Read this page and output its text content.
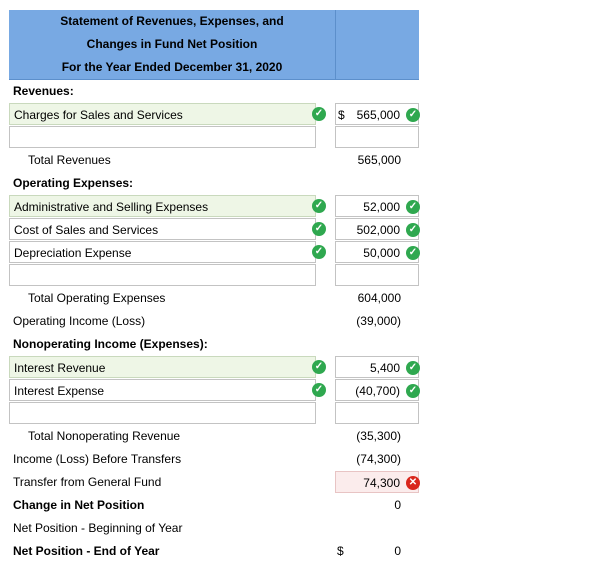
Statement of Revenues, Expenses, and
Changes in Fund Net Position
For the Year Ended December 31, 2020
Revenues:
Charges for Sales and Services	✓ $ 565,000 ✓
Total Revenues	565,000
Operating Expenses:
Administrative and Selling Expenses	✓	52,000 ✓
Cost of Sales and Services	✓	502,000 ✓
Depreciation Expense	✓	50,000 ✓
Total Operating Expenses	604,000
Operating Income (Loss)	(39,000)
Nonoperating Income (Expenses):
Interest Revenue	✓	5,400 ✓
Interest Expense	✓	(40,700) ✓
Total Nonoperating Revenue	(35,300)
Income (Loss) Before Transfers	(74,300)
Transfer from General Fund	74,300 ✕
Change in Net Position	0
Net Position - Beginning of Year
Net Position - End of Year	$	0
